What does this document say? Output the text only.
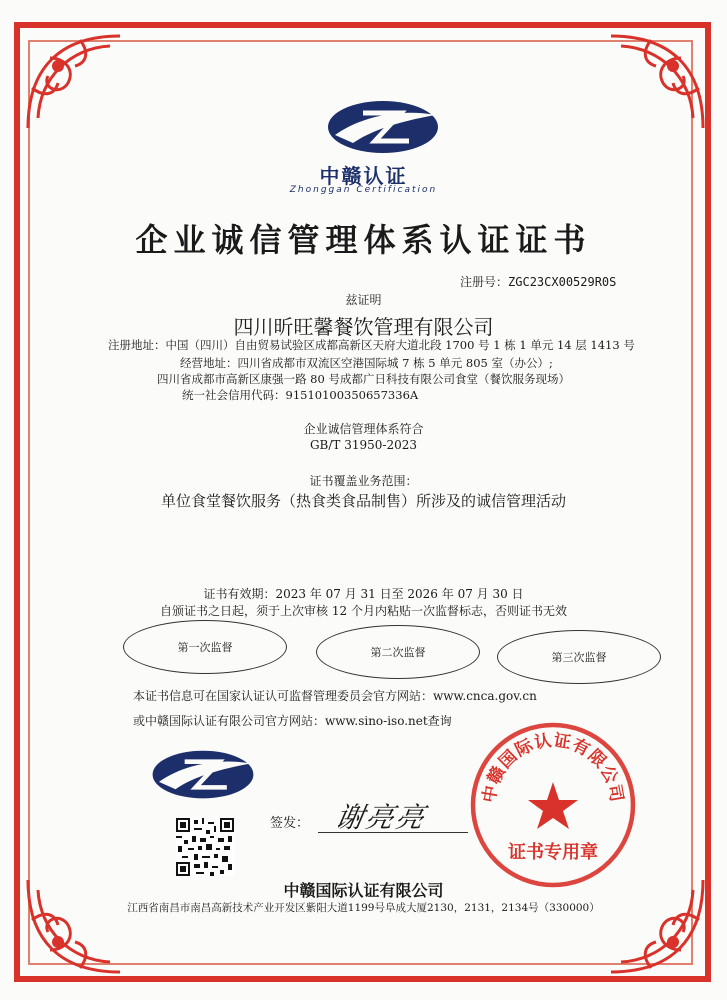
中赣认证
Zhonggan Certification
企业诚信管理体系认证证书
注册号：ZGC23CX00529R0S
兹证明
四川昕旺馨餐饮管理有限公司
注册地址：中国（四川）自由贸易试验区成都高新区天府大道北段 1700 号 1 栋 1 单元 14 层 1413 号
经营地址：四川省成都市双流区空港国际城 7 栋 5 单元 805 室（办公）;
四川省成都市高新区康强一路 80 号成都广日科技有限公司食堂（餐饮服务现场）
统一社会信用代码：91510100350657336A
企业诚信管理体系符合
GB/T 31950-2023
证书覆盖业务范围：
单位食堂餐饮服务（热食类食品制售）所涉及的诚信管理活动
证书有效期：2023 年 07 月 31 日至 2026 年 07 月 30 日
自颁证书之日起，须于上次审核 12 个月内粘贴一次监督标志，否则证书无效
第一次监督	第二次监督	第三次监督
本证书信息可在国家认证认可监督管理委员会官方网站：www.cnca.gov.cn
或中赣国际认证有限公司官方网站：www.sino-iso.net查询
签发： 谢亮亮
中赣国际认证有限公司
证书专用章
中赣国际认证有限公司
江西省南昌市南昌高新技术产业开发区紫阳大道1199号阜成大厦2130，2131，2134号（330000）
